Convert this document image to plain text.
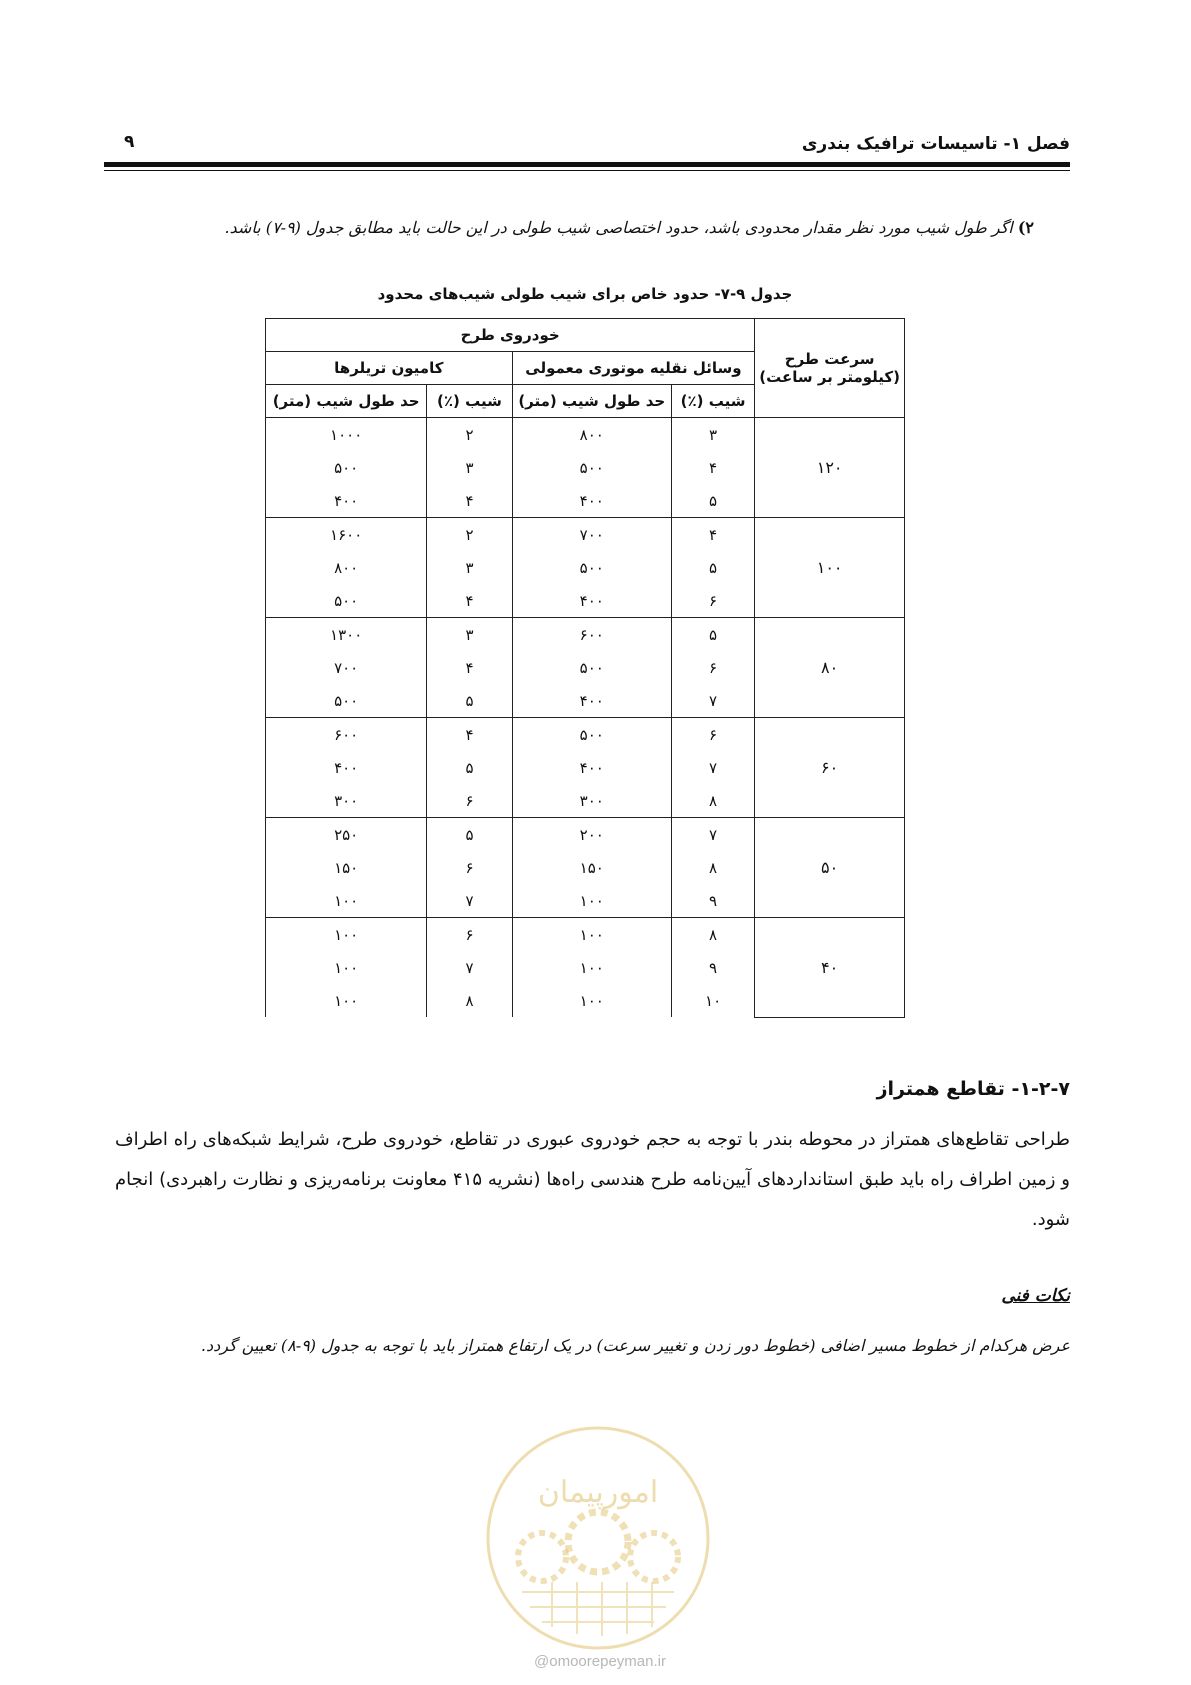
فصل ۱- تاسیسات ترافیک بندری
۹
۲) اگر طول شیب مورد نظر مقدار محدودی باشد، حدود اختصاصی شیب طولی در این حالت باید مطابق جدول (۹-۷) باشد.
جدول ۹-۷- حدود خاص برای شیب طولی شیب‌های محدود
سرعت طرح
(کیلومتر بر ساعت)	خودروی طرح			
	وسائل نقلیه موتوری معمولی		کامیون تریلرها	
	شیب (٪)	حد طول شیب (متر)	شیب (٪)	حد طول شیب (متر)
۱۲۰	۳	۸۰۰	۲	۱۰۰۰
	۴	۵۰۰	۳	۵۰۰
	۵	۴۰۰	۴	۴۰۰
۱۰۰	۴	۷۰۰	۲	۱۶۰۰
	۵	۵۰۰	۳	۸۰۰
	۶	۴۰۰	۴	۵۰۰
۸۰	۵	۶۰۰	۳	۱۳۰۰
	۶	۵۰۰	۴	۷۰۰
	۷	۴۰۰	۵	۵۰۰
۶۰	۶	۵۰۰	۴	۶۰۰
	۷	۴۰۰	۵	۴۰۰
	۸	۳۰۰	۶	۳۰۰
۵۰	۷	۲۰۰	۵	۲۵۰
	۸	۱۵۰	۶	۱۵۰
	۹	۱۰۰	۷	۱۰۰
۴۰	۸	۱۰۰	۶	۱۰۰
	۹	۱۰۰	۷	۱۰۰
	۱۰	۱۰۰	۸	۱۰۰
۱-۲-۷- تقاطع همتراز
طراحی تقاطع‌های همتراز در محوطه بندر با توجه به حجم خودروی عبوری در تقاطع، خودروی طرح، شرایط شبکه‌های راه اطراف و زمین اطراف راه باید طبق استانداردهای آیین‌نامه طرح هندسی راه‌ها (نشریه ۴۱۵ معاونت برنامه‌ریزی و نظارت راهبردی) انجام شود.
نکات فنی
عرض هرکدام از خطوط مسیر اضافی (خطوط دور زدن و تغییر سرعت) در یک ارتفاع همتراز باید با توجه به جدول (۹-۸) تعیین گردد.
امورپیمان
@omoorepeyman.ir
